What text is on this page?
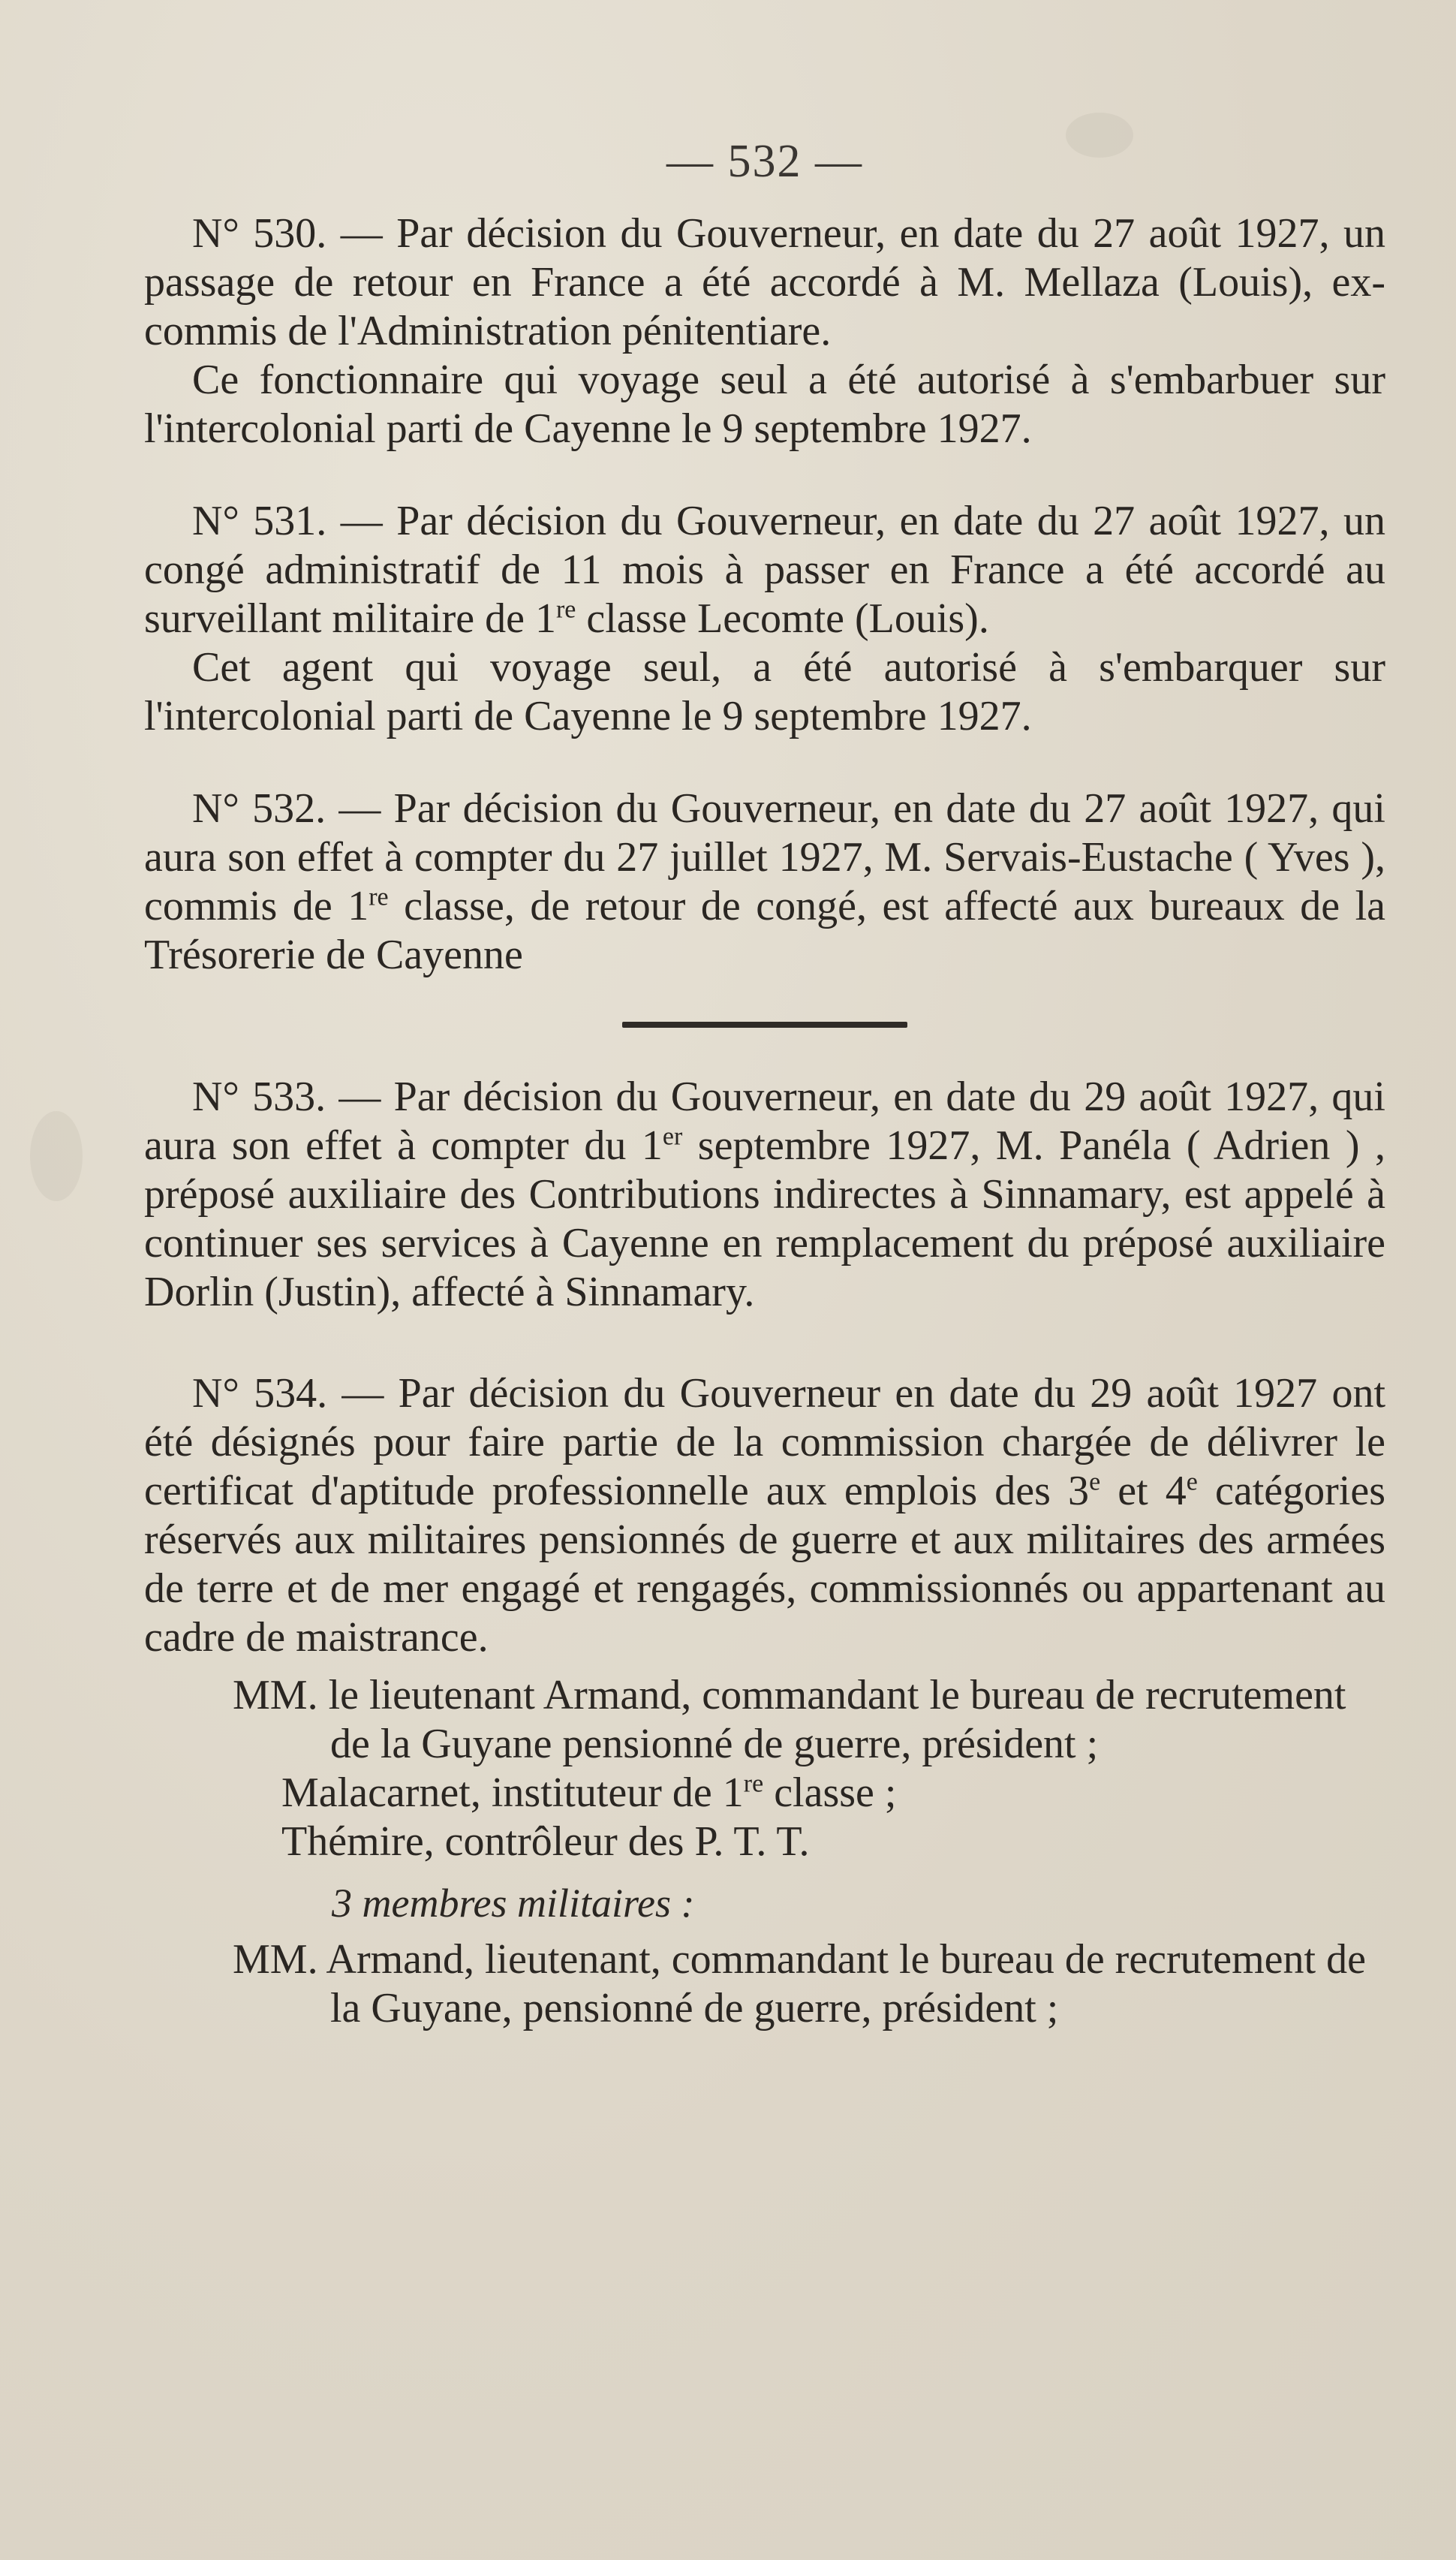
— 532 —

N° 530. — Par décision du Gouverneur, en date du 27 août 1927, un passage de retour en France a été accordé à M. Mellaza (Louis), ex-commis de l'Administration pénitentiare.

Ce fonctionnaire qui voyage seul a été autorisé à s'embarbuer sur l'intercolonial parti de Cayenne le 9 septembre 1927.

N° 531. — Par décision du Gouverneur, en date du 27 août 1927, un congé administratif de 11 mois à passer en France a été accordé au surveillant militaire de 1re classe Lecomte (Louis).

Cet agent qui voyage seul, a été autorisé à s'embarquer sur l'intercolonial parti de Cayenne le 9 septembre 1927.

N° 532. — Par décision du Gouverneur, en date du 27 août 1927, qui aura son effet à compter du 27 juillet 1927, M. Servais-Eustache ( Yves ), commis de 1re classe, de retour de congé, est affecté aux bureaux de la Trésorerie de Cayenne

N° 533. — Par décision du Gouverneur, en date du 29 août 1927, qui aura son effet à compter du 1er septembre 1927, M. Panéla ( Adrien ) , préposé auxiliaire des Contributions indirectes à Sinnamary, est appelé à continuer ses services à Cayenne en remplacement du préposé auxiliaire Dorlin (Justin), affecté à Sinnamary.

N° 534. — Par décision du Gouverneur en date du 29 août 1927 ont été désignés pour faire partie de la commission chargée de délivrer le certificat d'aptitude professionnelle aux emplois des 3e et 4e catégories réservés aux militaires pensionnés de guerre et aux militaires des armées de terre et de mer engagé et rengagés, commissionnés ou appartenant au cadre de maistrance.

MM. le lieutenant Armand, commandant le bureau de recrutement de la Guyane pensionné de guerre, président ;
Malacarnet, instituteur de 1re classe ;
Thémire, contrôleur des P. T. T.
3 membres militaires :
MM. Armand, lieutenant, commandant le bureau de recrutement de la Guyane, pensionné de guerre, président ;
